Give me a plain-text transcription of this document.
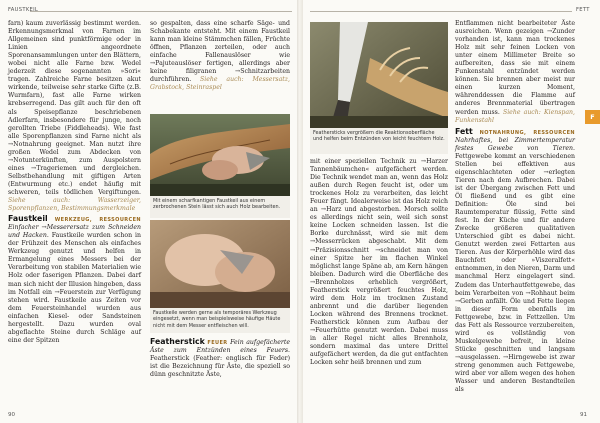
FAUSTKEIL

farn) kaum zuverlässig bestimmt werden. Erkennungsmerkmal von Farnen im Allgemeinen sind punktförmige oder in Linien angeordnete Sporenansammlungen unter den Blättern, wobei nicht alle Farne bzw. Wedel jederzeit diese sogenannten »Sori« tragen. Zahlreiche Farne besitzen akut wirkende, teilweise sehr starke Gifte (z.B. Wurmfarn), fast alle Farne wirken krebserregend. Das gilt auch für den oft als Speisepflanze beschriebenen Adlerfarn, insbesondere für junge, noch gerollten Triebe (Fiddleheads). Wie fast alle Sporenpflanzen sind Farne nicht als →Notnahrung geeignet. Man nutzt ihre großen Wedel zum Abdecken von →Notunterkünften, zum Auspolstern eines →Trageriemen und dergleichen. Selbstbehandlung mit giftigen Arten (Entwurmung etc.) endet häufig mit schweren, teils tödlichen Vergiftungen. Siehe auch: Wasserzeiger, Sporenpflanzen, Bestimmungsmerkmale

Faustkeil WERKZEUG, RESSOURCEN Einfacher →Messerersatz zum Schneiden und Hacken. Faustkeile wurden schon in der Frühzeit des Menschen als einfaches Werkzeug genutzt und helfen in Ermangelung eines Messers bei der Verarbeitung von stabilen Materialien wie Holz oder faserigen Pflanzen. Dabei darf man sich nicht der Illusion hingeben, dass im Notfall ein →Feuerstein zur Verfügung stehen wird. Faustkeile aus Zeiten vor dem Feuersteinhandel wurden aus einfachen Kiesel- oder Sandsteinen hergestellt. Dazu wurden oval abgeflachte Steine durch Schläge auf eine der Spitzen

so gespalten, dass eine scharfe Säge- und Schabekante entsteht. Mit einem Faustkeil kann man kleine Stämmchen fällen, Früchte öffnen, Pflanzen zerteilen, oder auch einfache Fallenauslöser wie →Pajuteauslöser fertigen, allerdings aber keine filigranen →Schnitzarbeiten durchführen. Siehe auch: Messersatz, Grabstock, Steinraspel

Mit einem scharfkantigen Faustkeil aus einem zerbrochenen Stein lässt sich auch Holz bearbeiten.
Faustkeile werden gerne als temporäres Werkzeug eingesetzt, wenn man beispielsweise häufige Häute nicht mit dem Messer entfleischen will.

Featherstick FEUER Fein aufgefächerte Äste zum Entzünden eines Feuers. Featherstick (Feather: englisch für Feder) ist die Bezeichnung für Äste, die speziell so dünn geschnitzte Äste,

90
FETT
Feathersticks vergrößern die Reaktionsoberfläche und helfen beim Entzünden von leicht feuchtem Holz.

mit einer speziellen Technik zu →Harzer Tannenbäumchen« aufgefächert werden. Die Technik wendet man an, wenn das Holz außen durch Regen feucht ist, oder um trockenes Holz zu verarbeiten, das leicht Feuer fängt. Idealerweise ist das Holz reich an →Harz und abgestorben. Morsch sollte es allerdings nicht sein, weil sich sonst keine Locken schneiden lassen. Ist die Borke durchnässt, wird sie mit dem →Messerrücken abgeschabt. Mit dem →Präzisionsschnitt →schneidet man von einer Spitze her im flachen Winkel möglichst lange Späne ab, am Kern hängen bleiben. Dadurch wird die Oberfläche des →Brennholzes erheblich vergrößert, Featherstick vergrößert feuchtes Holz, wird dem Holz im trocknen Zustand anbrennt und die darüber liegenden Locken während des Brennens trocknet. Featherstick können zum Aufbau der →Feuerhütte genutzt werden. Dabei muss in aller Regel nicht alles Brennholz, sondern maximal das untere Drittel aufgefächert werden, da die gut entfachten Locken sehr heiß brennen und zum

Entflammen nicht bearbeiteter Äste ausreichen. Wenn gezeigen →Zunder vorhanden ist, kann man trockenes Holz mit sehr feinen Locken von unter einem Millimeter Breite so aufbereiten, dass sie mit einem Funkenstahl entzündet werden können. Sie brennen aber meist nur einen kurzen Moment, währenddessen die Flamme auf anderes Brennmaterial übertragen werden muss. Siehe auch: Kienspan, Funkenstahl

Fett NOTNAHRUNG, RESSOURCEN Nahrhaftes, bei Zimmertemperatur festes Gewebe von Tieren. Fettgewebe kommt an verschiedenen Stellen bei effektiven aus eigenschlachteten oder →erlegten Tieren nach dem Aufbrechen. Dabei ist der Übergang zwischen Fett und Öl fließend und es gibt eine Definition: Öle sind bei Raumtemperatur flüssig, Fette sind fest. In der Küche und für andere Zwecke größeren qualitativen Unterschied gibt es dabei nicht. Genutzt werden zwei Fettarten aus Tieren. Aus der Körperhöhle wird das Bauchfett oder »Viszeralfett« entnommen, in den Nieren, Darm und manchmal Herz eingelagert sind. Zudem das Unterhautfettgewebe, das beim Verarbeiten von →Rohhaut beim →Gerben anfällt. Öle und Fette liegen in dieser Form ebenfalls im Fettgewebe, bzw. in Fettzellen. Um das Fett als Ressource verzubereiten, wird es vollständig von Muskelgewebe befreit, in kleine Stücke geschnitten und langsam →ausgelassen. →Hirngewebe ist zwar streng genommen auch Fettgewebe, wird aber vor allem wegen des hohen Wasser und anderen Bestandteilen als

F
91
